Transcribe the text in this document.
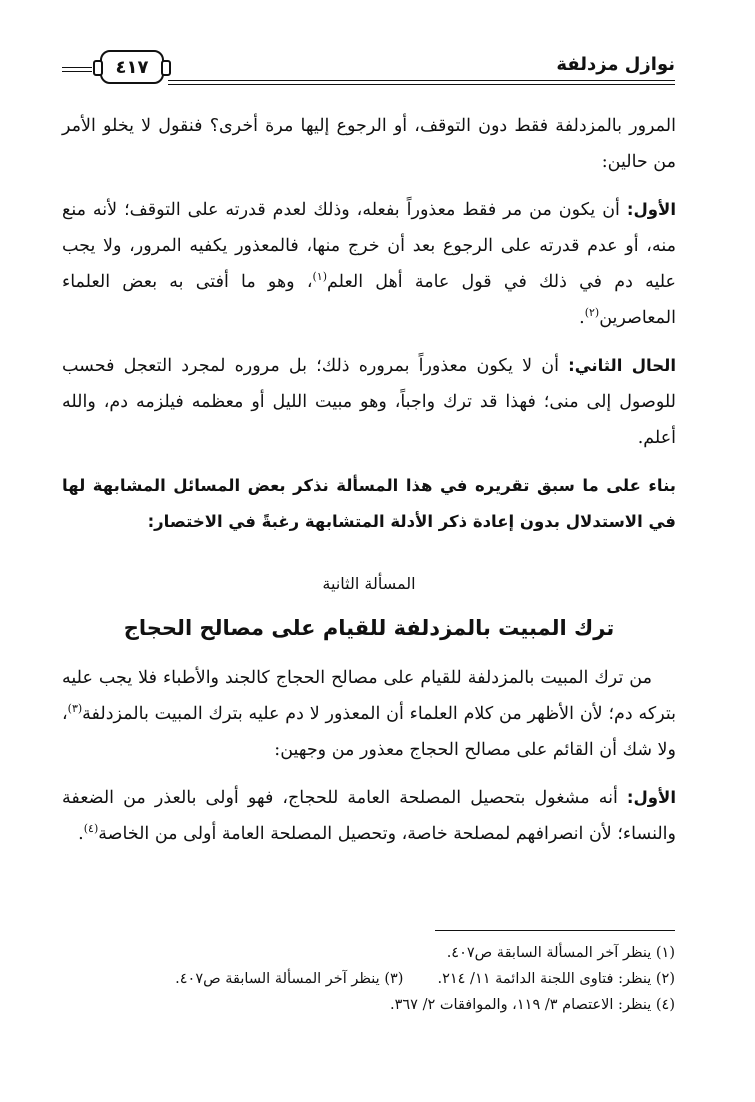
نوازل مزدلفة
٤١٧

المرور بالمزدلفة فقط دون التوقف، أو الرجوع إليها مرة أخرى؟ فنقول لا يخلو الأمر من حالين:

الأول: أن يكون من مر فقط معذوراً بفعله، وذلك لعدم قدرته على التوقف؛ لأنه منع منه، أو عدم قدرته على الرجوع بعد أن خرج منها، فالمعذور يكفيه المرور، ولا يجب عليه دم في ذلك في قول عامة أهل العلم$^{(١)}$، وهو ما أفتى به بعض العلماء المعاصرين$^{(٢)}$.

الحال الثاني: أن لا يكون معذوراً بمروره ذلك؛ بل مروره لمجرد التعجل فحسب للوصول إلى منى؛ فهذا قد ترك واجباً، وهو مبيت الليل أو معظمه فيلزمه دم، والله أعلم.

بناء على ما سبق تقريره في هذا المسألة نذكر بعض المسائل المشابهة لها في الاستدلال بدون إعادة ذكر الأدلة المتشابهة رغبةً في الاختصار:

المسألة الثانية
ترك المبيت بالمزدلفة للقيام على مصالح الحجاج

من ترك المبيت بالمزدلفة للقيام على مصالح الحجاج كالجند والأطباء فلا يجب عليه بتركه دم؛ لأن الأظهر من كلام العلماء أن المعذور لا دم عليه بترك المبيت بالمزدلفة$^{(٣)}$، ولا شك أن القائم على مصالح الحجاج معذور من وجهين:

الأول: أنه مشغول بتحصيل المصلحة العامة للحجاج، فهو أولى بالعذر من الضعفة والنساء؛ لأن انصرافهم لمصلحة خاصة، وتحصيل المصلحة العامة أولى من الخاصة$^{(٤)}$.

(١) ينظر آخر المسألة السابقة ص٤٠٧.
(٢) ينظر: فتاوى اللجنة الدائمة ١١/ ٢١٤.
(٣) ينظر آخر المسألة السابقة ص٤٠٧.
(٤) ينظر: الاعتصام ٣/ ١١٩، والموافقات ٢/ ٣٦٧.
